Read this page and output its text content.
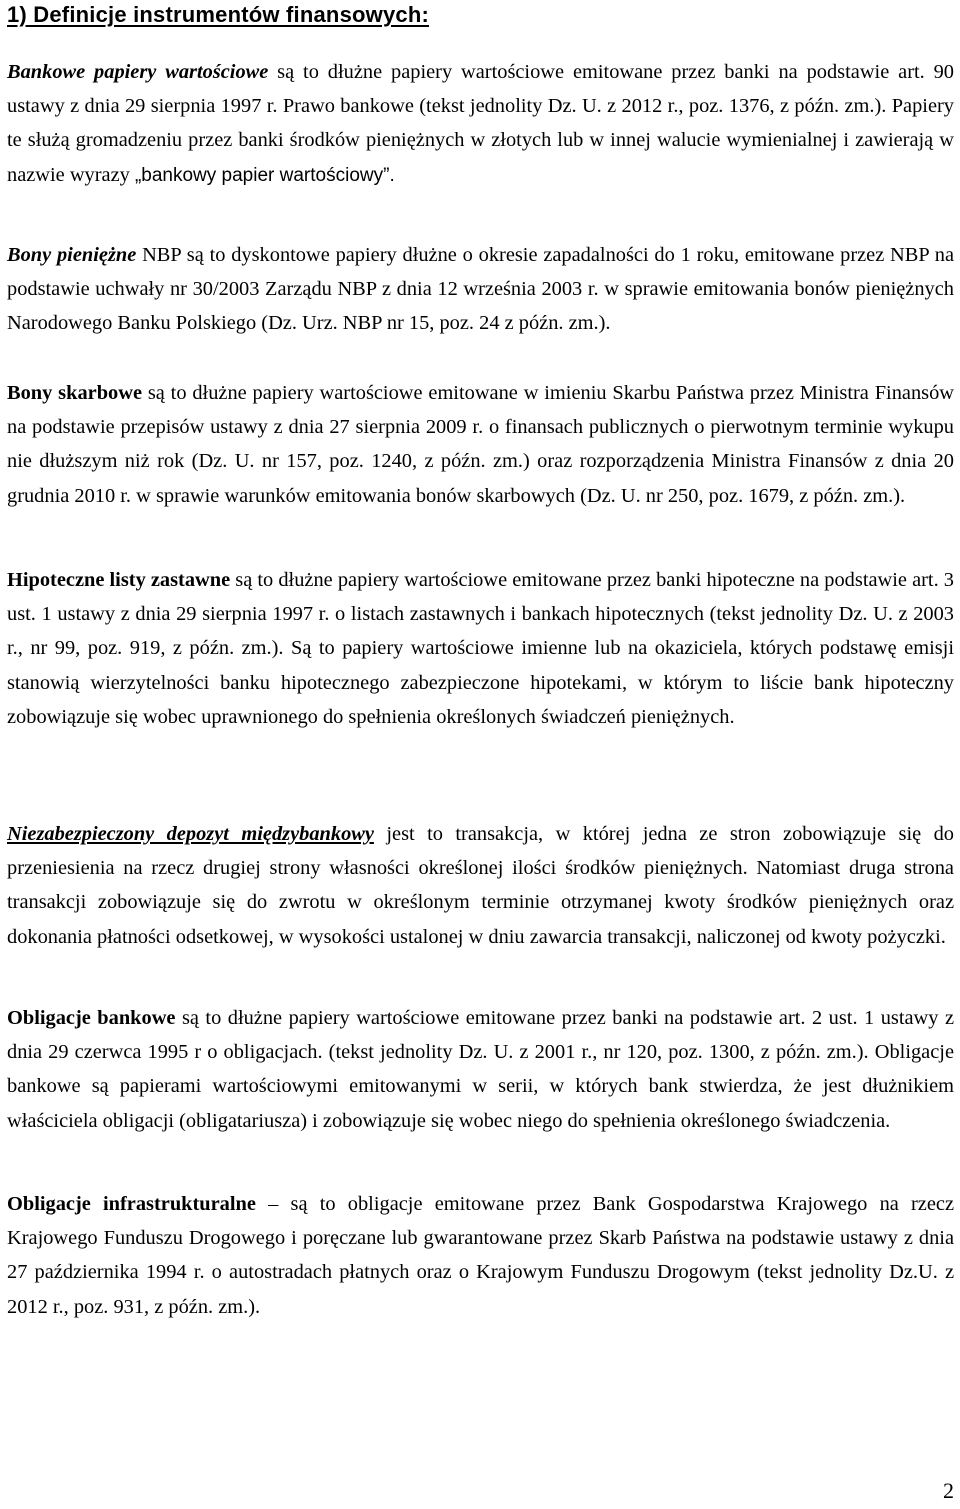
1) Definicje instrumentów finansowych:

Bankowe papiery wartościowe są to dłużne papiery wartościowe emitowane przez banki na podstawie art. 90 ustawy z dnia 29 sierpnia 1997 r. Prawo bankowe (tekst jednolity Dz. U. z 2012 r., poz. 1376, z późn. zm.). Papiery te służą gromadzeniu przez banki środków pieniężnych w złotych lub w innej walucie wymienialnej i zawierają w nazwie wyrazy „bankowy papier wartościowy”.

Bony pieniężne NBP są to dyskontowe papiery dłużne o okresie zapadalności do 1 roku, emitowane przez NBP na podstawie uchwały nr 30/2003 Zarządu NBP z dnia 12 września 2003 r. w sprawie emitowania bonów pieniężnych Narodowego Banku Polskiego (Dz. Urz. NBP nr 15, poz. 24 z późn. zm.).

Bony skarbowe są to dłużne papiery wartościowe emitowane w imieniu Skarbu Państwa przez Ministra Finansów na podstawie przepisów ustawy z dnia 27 sierpnia 2009 r. o finansach publicznych o pierwotnym terminie wykupu nie dłuższym niż rok (Dz. U. nr 157, poz. 1240, z późn. zm.) oraz rozporządzenia Ministra Finansów z dnia 20 grudnia 2010 r. w sprawie warunków emitowania bonów skarbowych (Dz. U. nr 250, poz. 1679, z późn. zm.).

Hipoteczne listy zastawne są to dłużne papiery wartościowe emitowane przez banki hipoteczne na podstawie art. 3 ust. 1 ustawy z dnia 29 sierpnia 1997 r. o listach zastawnych i bankach hipotecznych (tekst jednolity Dz. U. z 2003 r., nr 99, poz. 919, z późn. zm.). Są to papiery wartościowe imienne lub na okaziciela, których podstawę emisji stanowią wierzytelności banku hipotecznego zabezpieczone hipotekami, w którym to liście bank hipoteczny zobowiązuje się wobec uprawnionego do spełnienia określonych świadczeń pieniężnych.

Niezabezpieczony depozyt międzybankowy jest to transakcja, w której jedna ze stron zobowiązuje się do przeniesienia na rzecz drugiej strony własności określonej ilości środków pieniężnych. Natomiast druga strona transakcji zobowiązuje się do zwrotu w określonym terminie otrzymanej kwoty środków pieniężnych oraz dokonania płatności odsetkowej, w wysokości ustalonej w dniu zawarcia transakcji, naliczonej od kwoty pożyczki.

Obligacje bankowe są to dłużne papiery wartościowe emitowane przez banki na podstawie art. 2 ust. 1 ustawy z dnia 29 czerwca 1995 r o obligacjach. (tekst jednolity Dz. U. z 2001 r., nr 120, poz. 1300, z późn. zm.). Obligacje bankowe są papierami wartościowymi emitowanymi w serii, w których bank stwierdza, że jest dłużnikiem właściciela obligacji (obligatariusza) i zobowiązuje się wobec niego do spełnienia określonego świadczenia.

Obligacje infrastrukturalne – są to obligacje emitowane przez Bank Gospodarstwa Krajowego na rzecz Krajowego Funduszu Drogowego i poręczane lub gwarantowane przez Skarb Państwa na podstawie ustawy z dnia 27 października 1994 r. o autostradach płatnych oraz o Krajowym Funduszu Drogowym (tekst jednolity Dz.U. z 2012 r., poz. 931, z późn. zm.).

2
